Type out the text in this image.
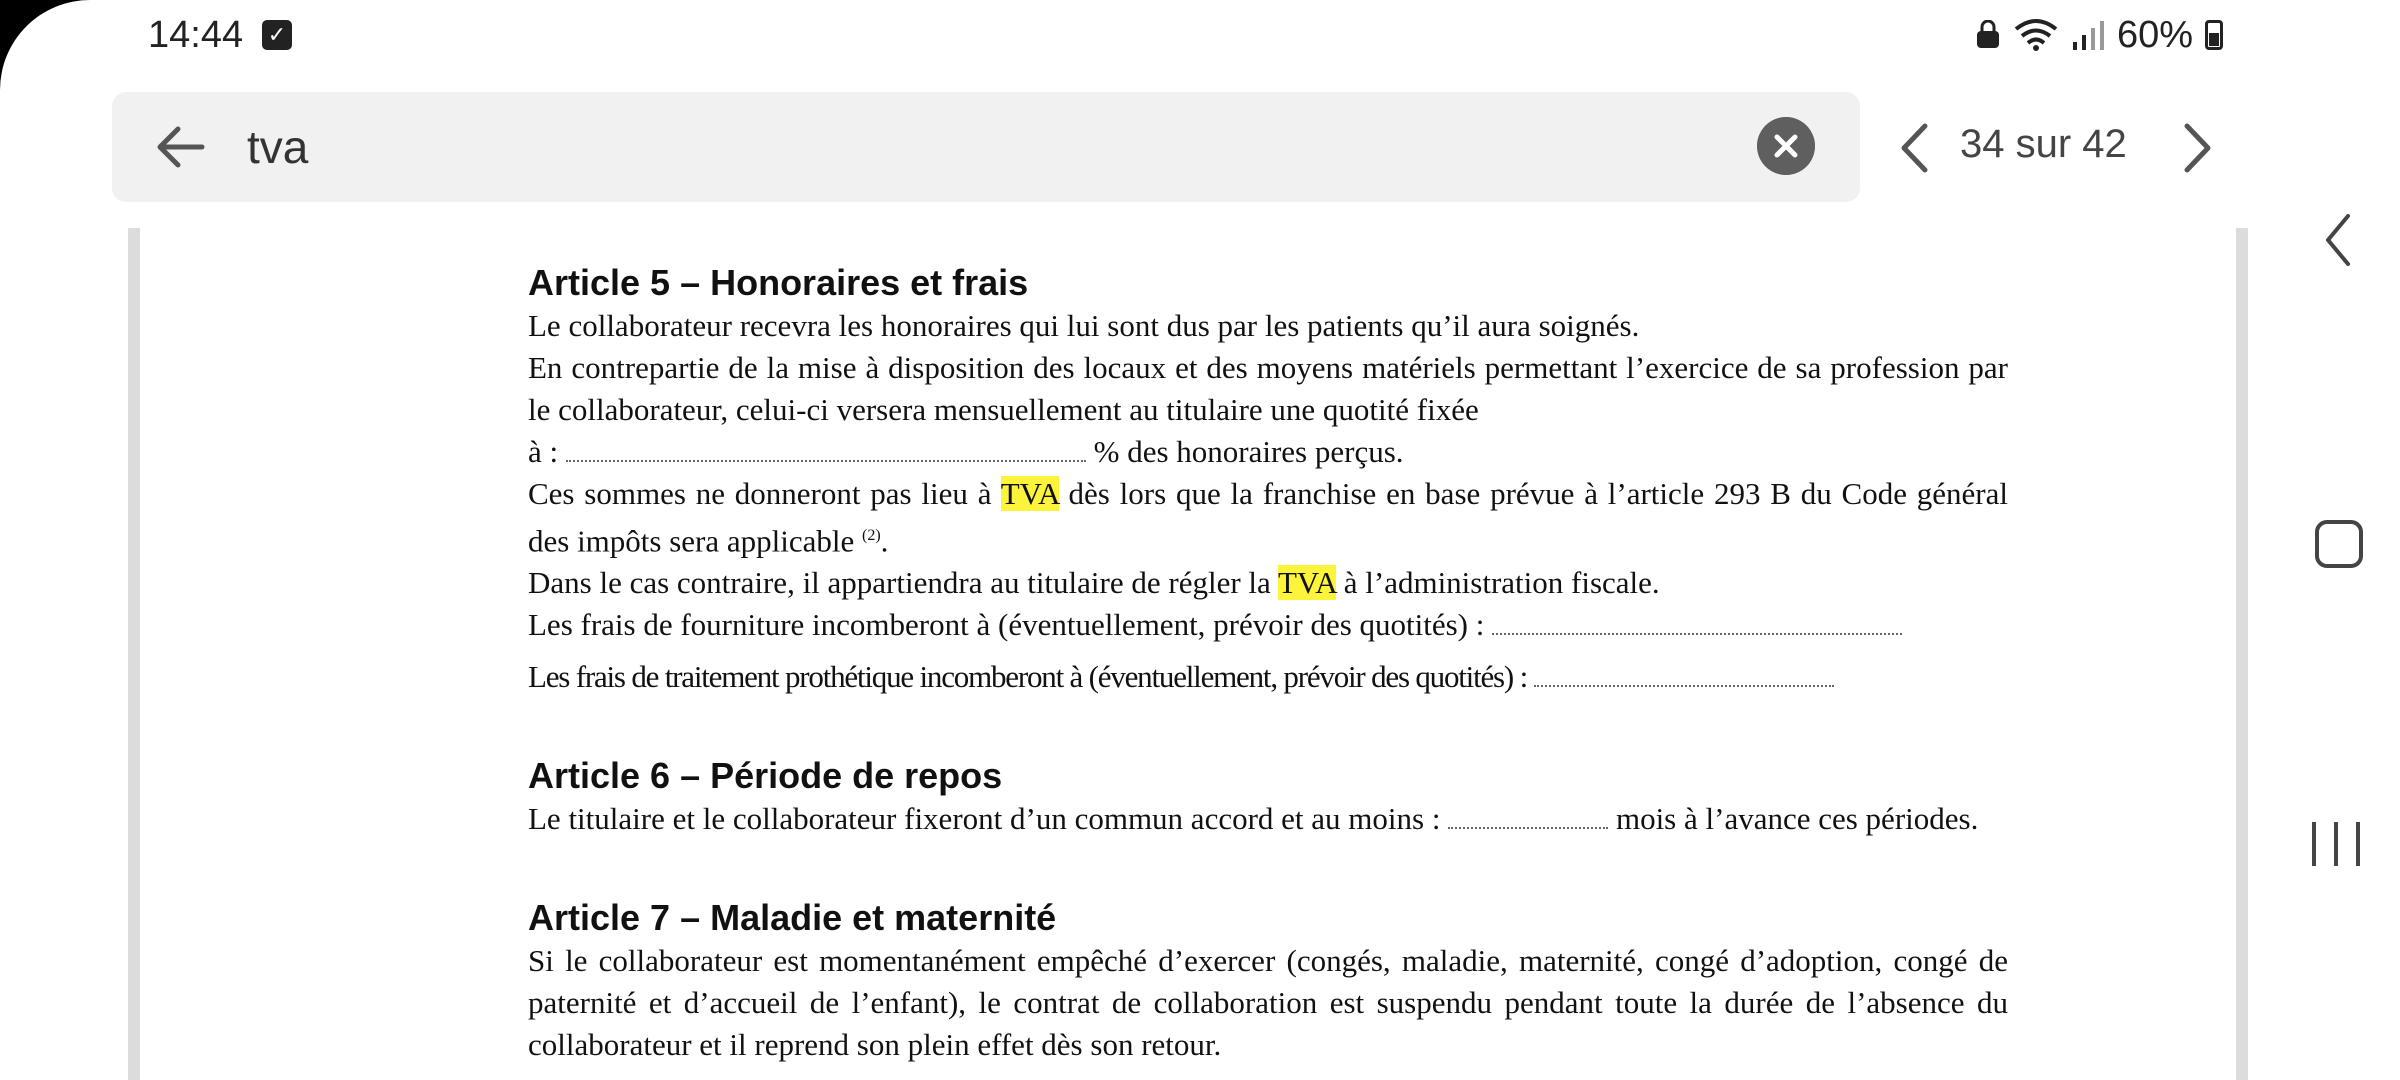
14:44 ✓	60%
tva	34 sur 42
Article 5 – Honoraires et frais

Le collaborateur recevra les honoraires qui lui sont dus par les patients qu’il aura soignés.

En contrepartie de la mise à disposition des locaux et des moyens matériels permettant l’exercice de sa profession par le collaborateur, celui-ci versera mensuellement au titulaire une quotité fixée

à :	% des honoraires perçus.

Ces sommes ne donneront pas lieu à TVA dès lors que la franchise en base prévue à l’article 293 B du Code général des impôts sera applicable $^{(2)}$.

Dans le cas contraire, il appartiendra au titulaire de régler la TVA à l’administration fiscale.

Les frais de fourniture incomberont à (éventuellement, prévoir des quotités) :

Les frais de traitement prothétique incomberont à (éventuellement, prévoir des quotités) :

Article 6 – Période de repos

Le titulaire et le collaborateur fixeront d’un commun accord et au moins :	mois à l’avance ces périodes.

Article 7 – Maladie et maternité

Si le collaborateur est momentanément empêché d’exercer (congés, maladie, maternité, congé d’adoption, congé de paternité et d’accueil de l’enfant), le contrat de collaboration est suspendu pendant toute la durée de l’absence du collaborateur et il reprend son plein effet dès son retour.
